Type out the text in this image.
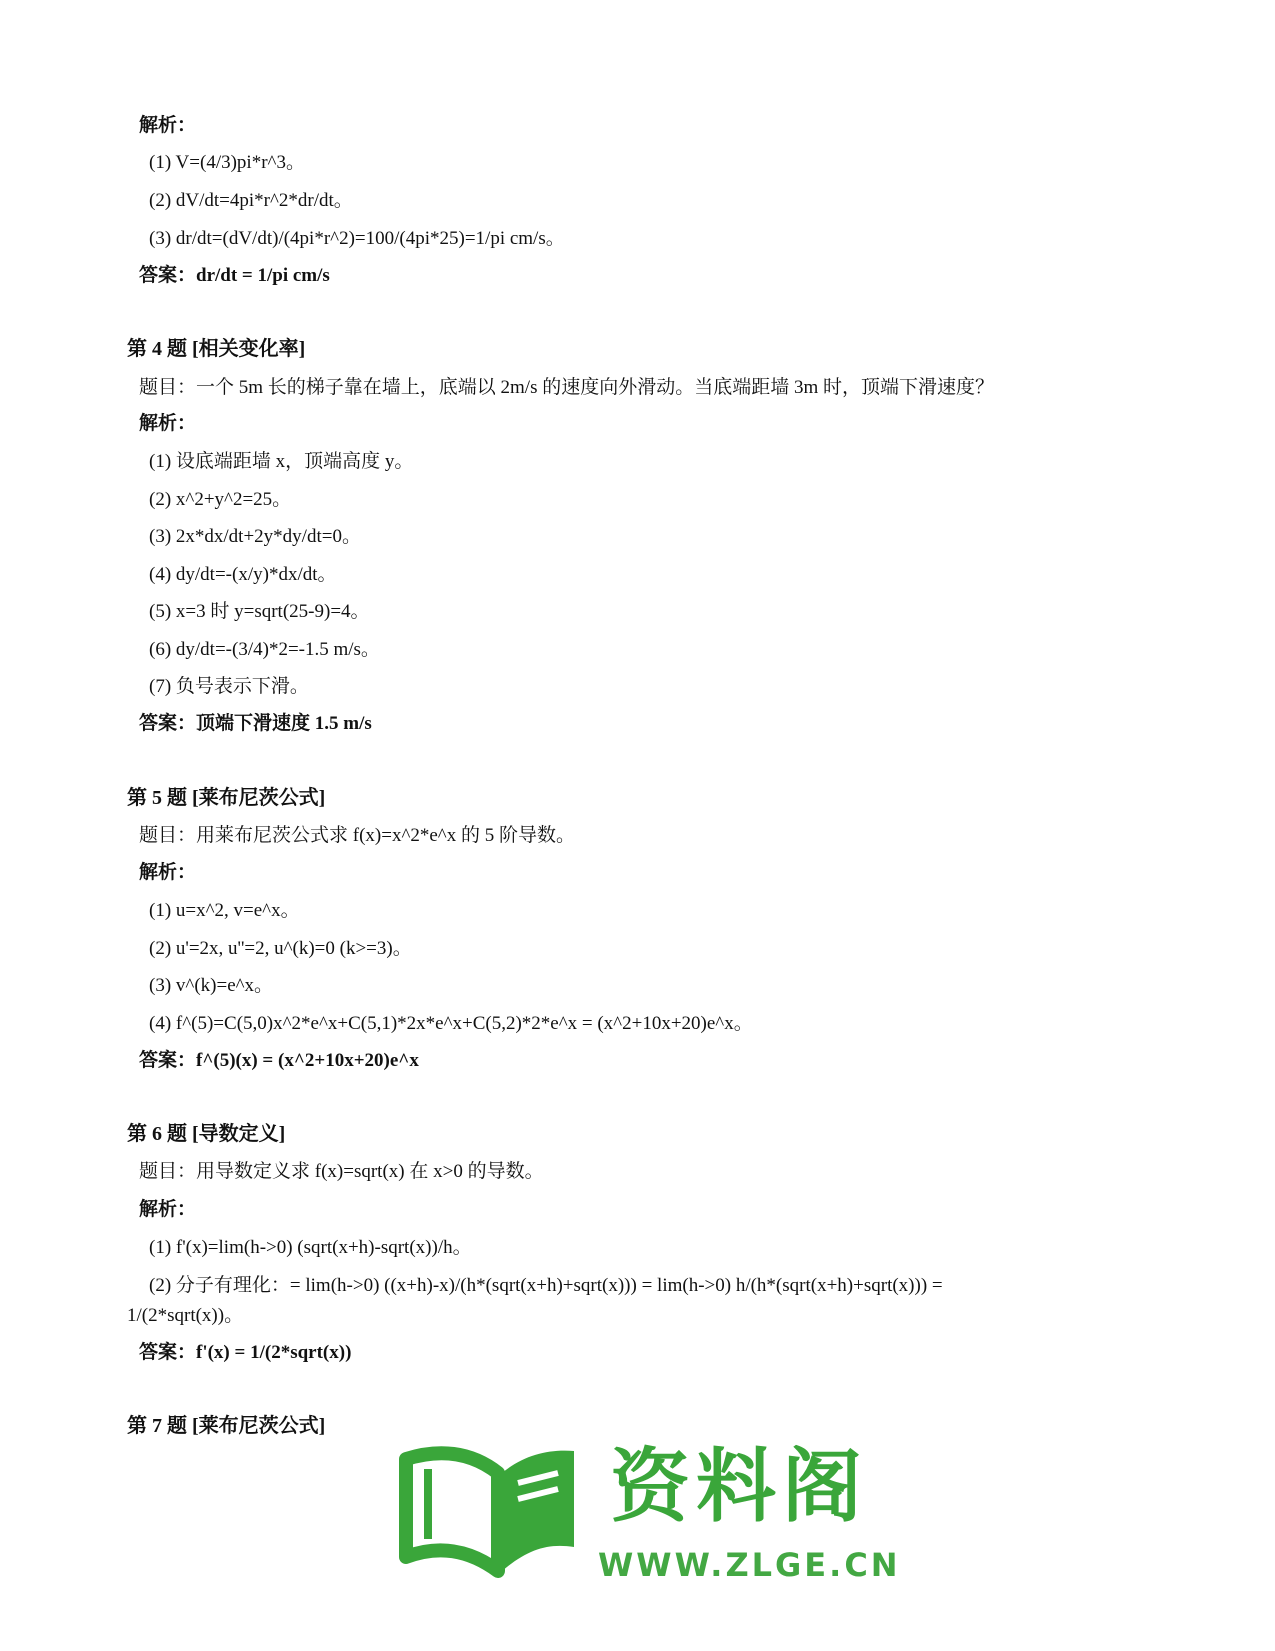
解析：
(1) V=(4/3)pi*r^3。
(2) dV/dt=4pi*r^2*dr/dt。
(3) dr/dt=(dV/dt)/(4pi*r^2)=100/(4pi*25)=1/pi cm/s。
答案：dr/dt = 1/pi cm/s
第 4 题 [相关变化率]
题目：一个 5m 长的梯子靠在墙上，底端以 2m/s 的速度向外滑动。当底端距墙 3m 时，顶端下滑速度？
解析：
(1) 设底端距墙 x，顶端高度 y。
(2) x^2+y^2=25。
(3) 2x*dx/dt+2y*dy/dt=0。
(4) dy/dt=-(x/y)*dx/dt。
(5) x=3 时 y=sqrt(25-9)=4。
(6) dy/dt=-(3/4)*2=-1.5 m/s。
(7) 负号表示下滑。
答案：顶端下滑速度 1.5 m/s
第 5 题 [莱布尼茨公式]
题目：用莱布尼茨公式求 f(x)=x^2*e^x 的 5 阶导数。
解析：
(1) u=x^2, v=e^x。
(2) u'=2x, u''=2, u^(k)=0 (k>=3)。
(3) v^(k)=e^x。
(4) f^(5)=C(5,0)x^2*e^x+C(5,1)*2x*e^x+C(5,2)*2*e^x = (x^2+10x+20)e^x。
答案：f^(5)(x) = (x^2+10x+20)e^x
第 6 题 [导数定义]
题目：用导数定义求 f(x)=sqrt(x) 在 x>0 的导数。
解析：
(1) f'(x)=lim(h->0) (sqrt(x+h)-sqrt(x))/h。
(2) 分子有理化：= lim(h->0) ((x+h)-x)/(h*(sqrt(x+h)+sqrt(x))) = lim(h->0) h/(h*(sqrt(x+h)+sqrt(x))) =
1/(2*sqrt(x))。
答案：f'(x) = 1/(2*sqrt(x))
第 7 题 [莱布尼茨公式]
资料阁
WWW.ZLGE.CN
